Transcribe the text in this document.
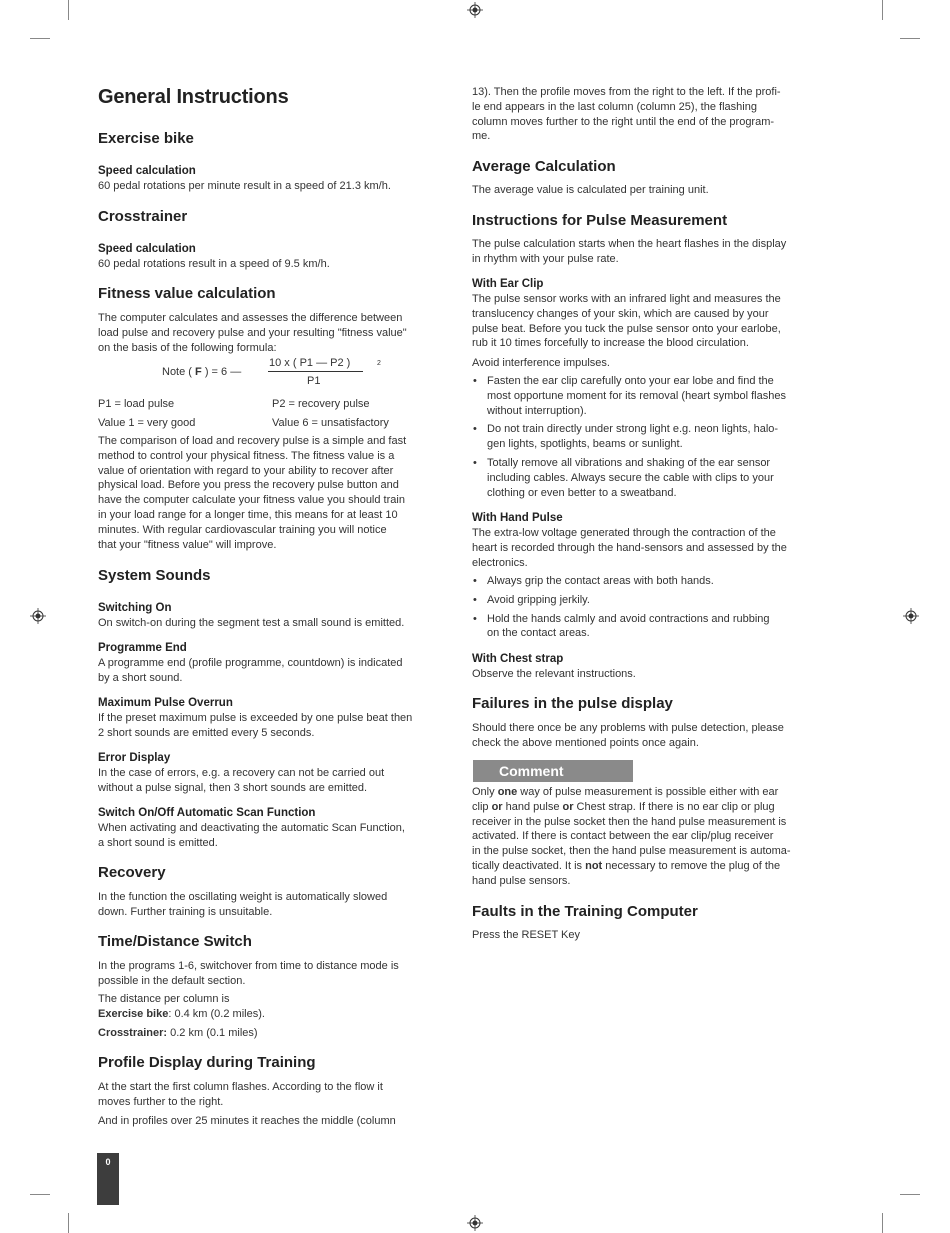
General Instructions
Exercise bike
Speed calculation
60 pedal rotations per minute result in a speed of 21.3 km/h.
Crosstrainer
Speed calculation
60 pedal rotations result in a speed of 9.5 km/h.
Fitness value calculation
The computer calculates and assesses the difference between
load pulse and recovery pulse and your resulting "fitness value"
on the basis of the following formula:
Note ( F ) = 6 —
10 x ( P1 — P2 )	2
P1
P1 = load pulse	P2 = recovery pulse
Value 1 = very good	Value 6 = unsatisfactory
The comparison of load and recovery pulse is a simple and fast
method to control your physical fitness. The fitness value is a
value of orientation with regard to your ability to recover after
physical load. Before you press the recovery pulse button and
have the computer calculate your fitness value you should train
in your load range for a longer time, this means for at least 10
minutes. With regular cardiovascular training you will notice
that your "fitness value" will improve.
System Sounds
Switching On
On switch-on during the segment test a small sound is emitted.
Programme End
A programme end (profile programme, countdown) is indicated
by a short sound.
Maximum Pulse Overrun
If the preset maximum pulse is exceeded by one pulse beat then
2 short sounds are emitted every 5 seconds.
Error Display
In the case of errors, e.g. a recovery can not be carried out
without a pulse signal, then 3 short sounds are emitted.
Switch On/Off Automatic Scan Function
When activating and deactivating the automatic Scan Function,
a short sound is emitted.
Recovery
In the function the oscillating weight is automatically slowed
down. Further training is unsuitable.
Time/Distance Switch
In the programs 1-6, switchover from time to distance mode is
possible in the default section.
The distance per column is
Exercise bike: 0.4 km (0.2 miles).
Crosstrainer: 0.2 km (0.1 miles)
Profile Display during Training
At the start the first column flashes. According to the flow it
moves further to the right.
And in profiles over 25 minutes it reaches the middle (column
13). Then the profile moves from the right to the left. If the profi-
le end appears in the last column (column 25), the flashing
column moves further to the right until the end of the program-
me.
Average Calculation
The average value is calculated per training unit.
Instructions for Pulse Measurement
The pulse calculation starts when the heart flashes in the display
in rhythm with your pulse rate.
With Ear Clip
The pulse sensor works with an infrared light and measures the
translucency changes of your skin, which are caused by your
pulse beat. Before you tuck the pulse sensor onto your earlobe,
rub it 10 times forcefully to increase the blood circulation.
Avoid interference impulses.
• Fasten the ear clip carefully onto your ear lobe and find the
most opportune moment for its removal (heart symbol flashes
without interruption).
• Do not train directly under strong light e.g. neon lights, halo-
gen lights, spotlights, beams or sunlight.
• Totally remove all vibrations and shaking of the ear sensor
including cables. Always secure the cable with clips to your
clothing or even better to a sweatband.
With Hand Pulse
The extra-low voltage generated through the contraction of the
heart is recorded through the hand-sensors and assessed by the
electronics.
• Always grip the contact areas with both hands.
• Avoid gripping jerkily.
• Hold the hands calmly and avoid contractions and rubbing
on the contact areas.
With Chest strap
Observe the relevant instructions.
Failures in the pulse display
Should there once be any problems with pulse detection, please
check the above mentioned points once again.
Comment
Only one way of pulse measurement is possible either with ear
clip or hand pulse or Chest strap. If there is no ear clip or plug
receiver in the pulse socket then the hand pulse measurement is
activated. If there is contact between the ear clip/plug receiver
in the pulse socket, then the hand pulse measurement is automa-
tically deactivated. It is not necessary to remove the plug of the
hand pulse sensors.
Faults in the Training Computer
Press the RESET Key
0
